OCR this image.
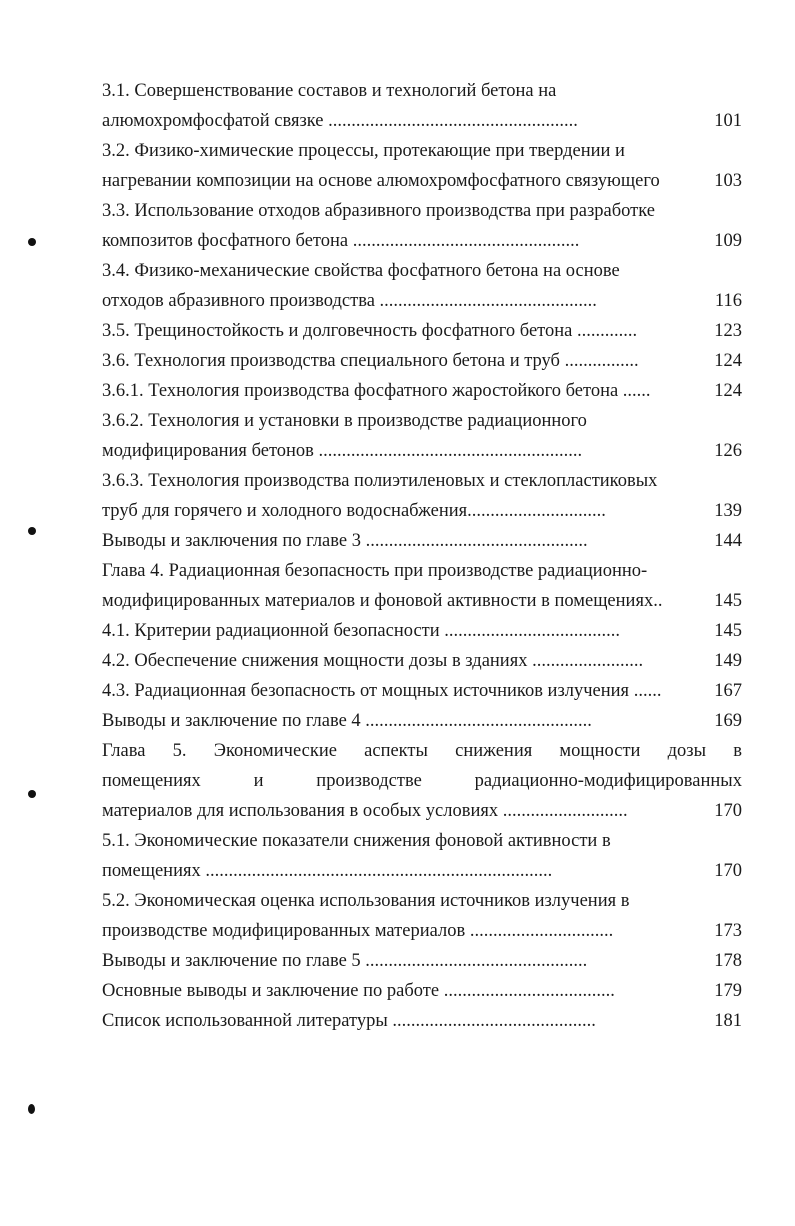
3.1. Совершенствование составов и технологий бетона на
алюмохромфосфатой связке ......................................................	101
3.2. Физико-химические процессы, протекающие при твердении и
нагревании композиции на основе алюмохромфосфатного связующего	103
3.3. Использование отходов абразивного производства при разработке
композитов фосфатного бетона .................................................	109
3.4. Физико-механические свойства фосфатного бетона на основе
отходов абразивного производства ...............................................	116
3.5. Трещиностойкость и долговечность фосфатного бетона .............	123
3.6. Технология производства специального бетона и труб ................	124
3.6.1. Технология производства фосфатного жаростойкого бетона ......	124
3.6.2. Технология и установки в производстве радиационного
модифицирования бетонов .........................................................	126
3.6.3. Технология производства полиэтиленовых и стеклопластиковых
труб для горячего и холодного водоснабжения..............................	139
Выводы и заключения по главе 3 ................................................	144
Глава 4. Радиационная безопасность при производстве радиационно-
модифицированных материалов и фоновой активности в помещениях..	145
4.1. Критерии радиационной безопасности ......................................	145
4.2. Обеспечение снижения мощности дозы в зданиях ........................	149
4.3. Радиационная безопасность от мощных источников излучения ......	167
Выводы и заключение по главе 4 .................................................	169
Глава 5. Экономические аспекты снижения мощности дозы в
помещениях и производстве радиационно-модифицированных
материалов для использования в особых условиях ...........................	170
5.1. Экономические показатели снижения фоновой активности в
помещениях ...........................................................................	170
5.2. Экономическая оценка использования источников излучения в
производстве модифицированных материалов ...............................	173
Выводы и заключение по главе 5 ................................................	178
Основные выводы и заключение по работе .....................................	179
Список использованной литературы ............................................	181
